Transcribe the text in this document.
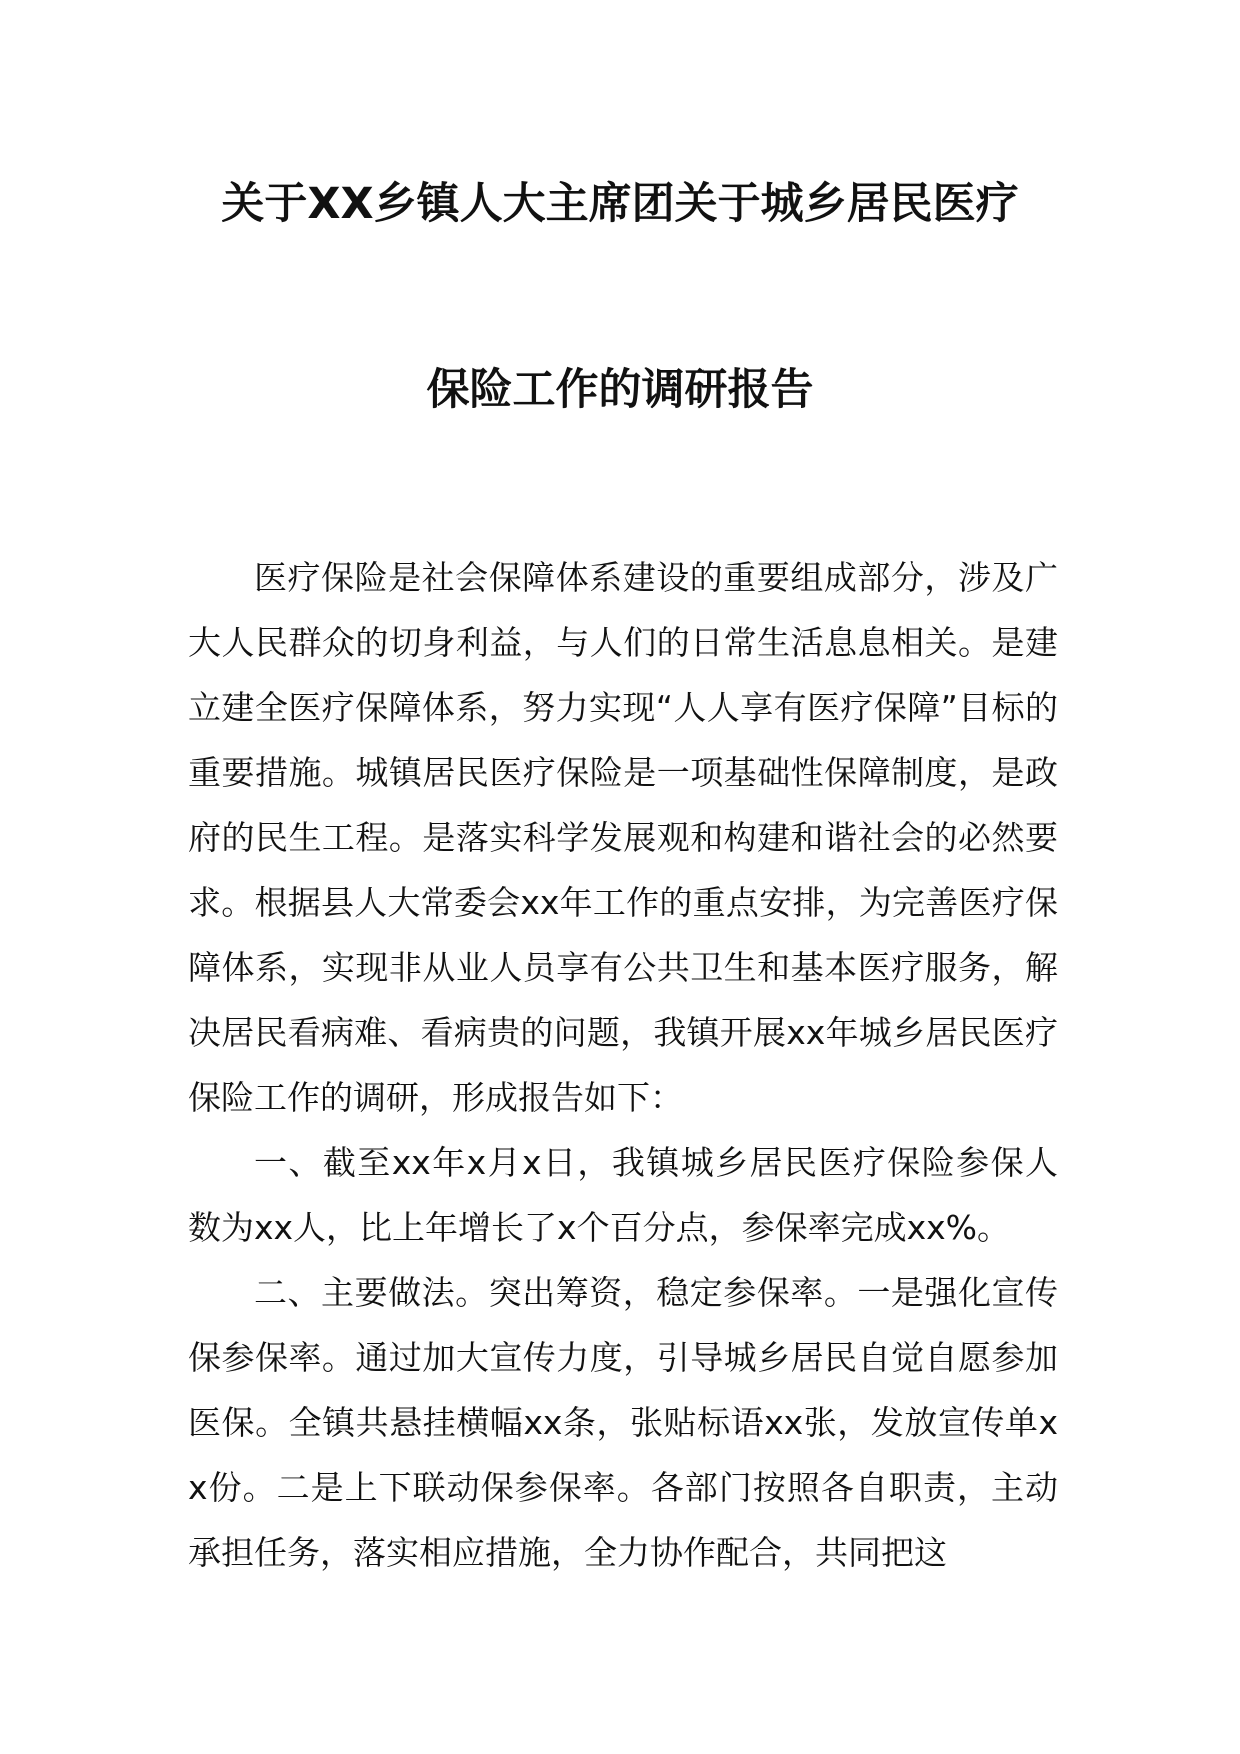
关于XX乡镇人大主席团关于城乡居民医疗
保险工作的调研报告

医疗保险是社会保障体系建设的重要组成部分，涉及广大人民群众的切身利益，与人们的日常生活息息相关。是建立建全医疗保障体系，努力实现“人人享有医疗保障”目标的重要措施。城镇居民医疗保险是一项基础性保障制度，是政府的民生工程。是落实科学发展观和构建和谐社会的必然要求。根据县人大常委会xx年工作的重点安排，为完善医疗保障体系，实现非从业人员享有公共卫生和基本医疗服务，解决居民看病难、看病贵的问题，我镇开展xx年城乡居民医疗保险工作的调研，形成报告如下：

一、截至xx年x月x日，我镇城乡居民医疗保险参保人数为xx人，比上年增长了x个百分点，参保率完成xx%。

二、主要做法。突出筹资，稳定参保率。一是强化宣传保参保率。通过加大宣传力度，引导城乡居民自觉自愿参加医保。全镇共悬挂横幅xx条，张贴标语xx张，发放宣传单xx份。二是上下联动保参保率。各部门按照各自职责，主动承担任务，落实相应措施，全力协作配合，共同把这
